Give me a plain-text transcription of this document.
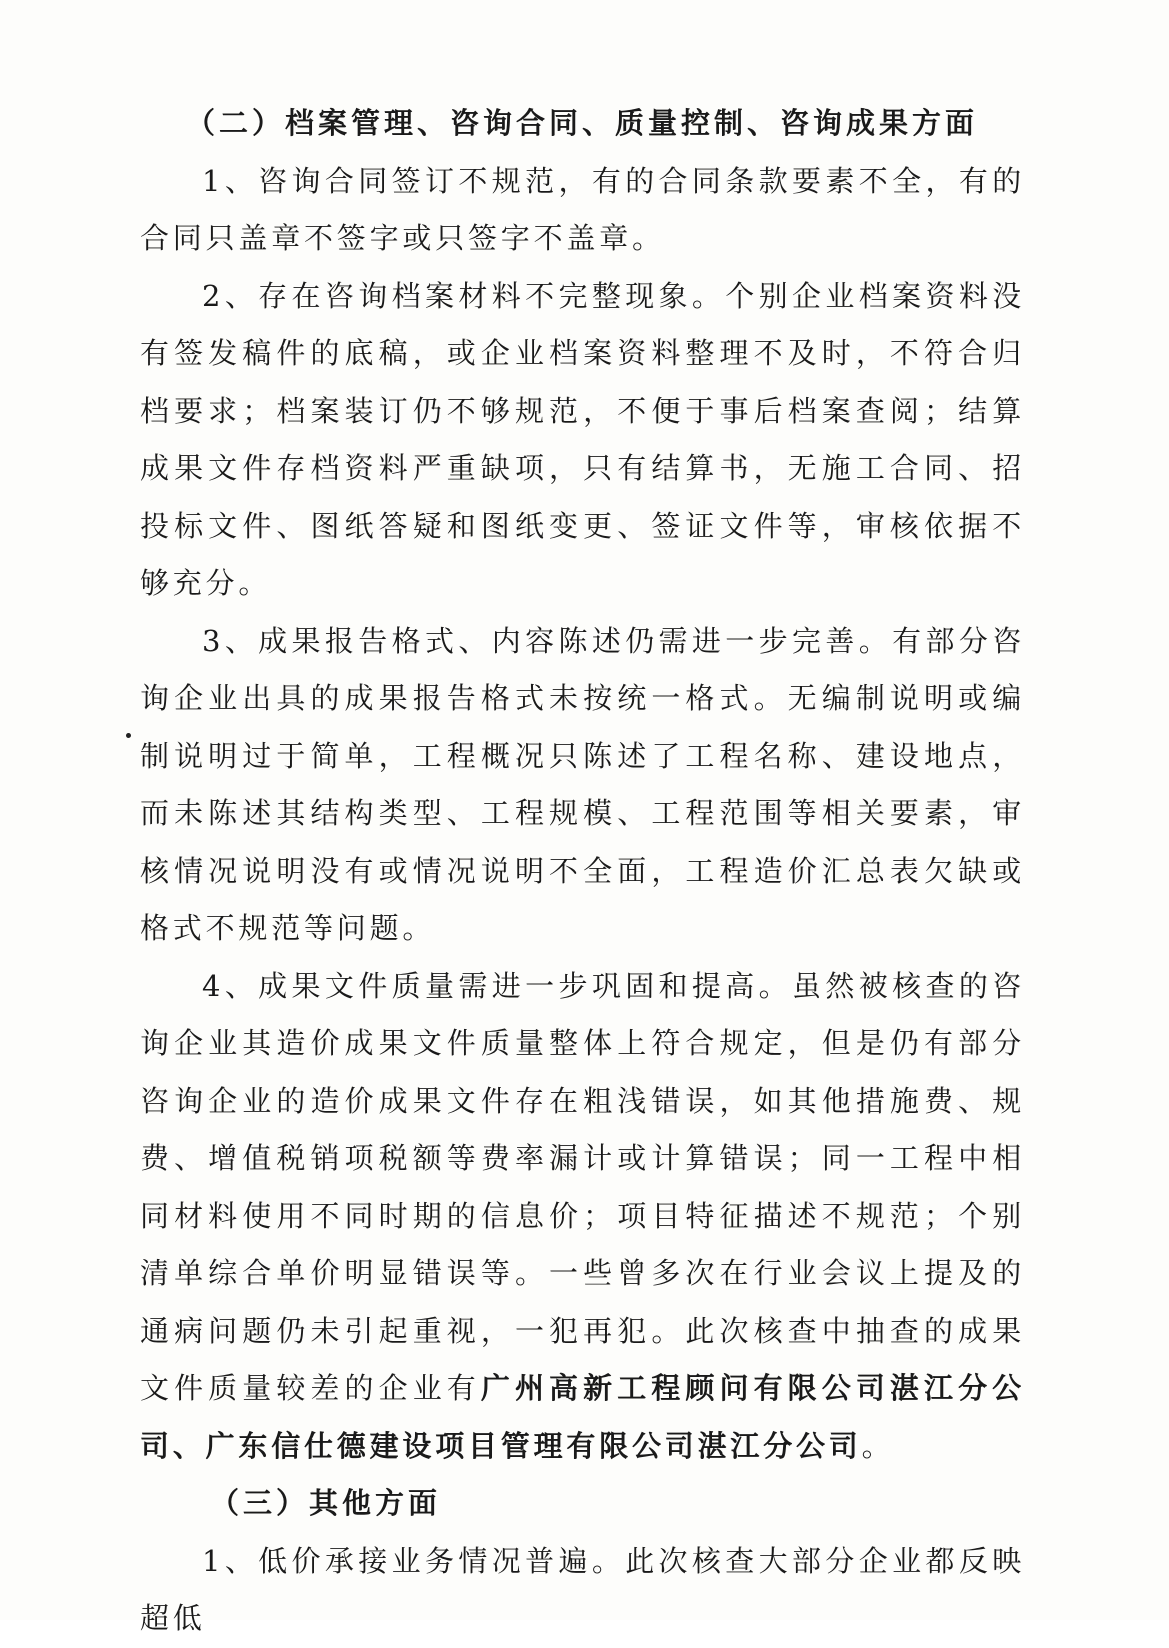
（二）档案管理、咨询合同、质量控制、咨询成果方面

1、咨询合同签订不规范，有的合同条款要素不全，有的合同只盖章不签字或只签字不盖章。

2、存在咨询档案材料不完整现象。个别企业档案资料没有签发稿件的底稿，或企业档案资料整理不及时，不符合归档要求；档案装订仍不够规范，不便于事后档案查阅；结算成果文件存档资料严重缺项，只有结算书，无施工合同、招投标文件、图纸答疑和图纸变更、签证文件等，审核依据不够充分。

3、成果报告格式、内容陈述仍需进一步完善。有部分咨询企业出具的成果报告格式未按统一格式。无编制说明或编制说明过于简单，工程概况只陈述了工程名称、建设地点，而未陈述其结构类型、工程规模、工程范围等相关要素，审核情况说明没有或情况说明不全面，工程造价汇总表欠缺或格式不规范等问题。

4、成果文件质量需进一步巩固和提高。虽然被核查的咨询企业其造价成果文件质量整体上符合规定，但是仍有部分咨询企业的造价成果文件存在粗浅错误，如其他措施费、规费、增值税销项税额等费率漏计或计算错误；同一工程中相同材料使用不同时期的信息价；项目特征描述不规范；个别清单综合单价明显错误等。一些曾多次在行业会议上提及的通病问题仍未引起重视，一犯再犯。此次核查中抽查的成果文件质量较差的企业有广州高新工程顾问有限公司湛江分公司、广东信仕德建设项目管理有限公司湛江分公司。

（三）其他方面

1、低价承接业务情况普遍。此次核查大部分企业都反映超低
